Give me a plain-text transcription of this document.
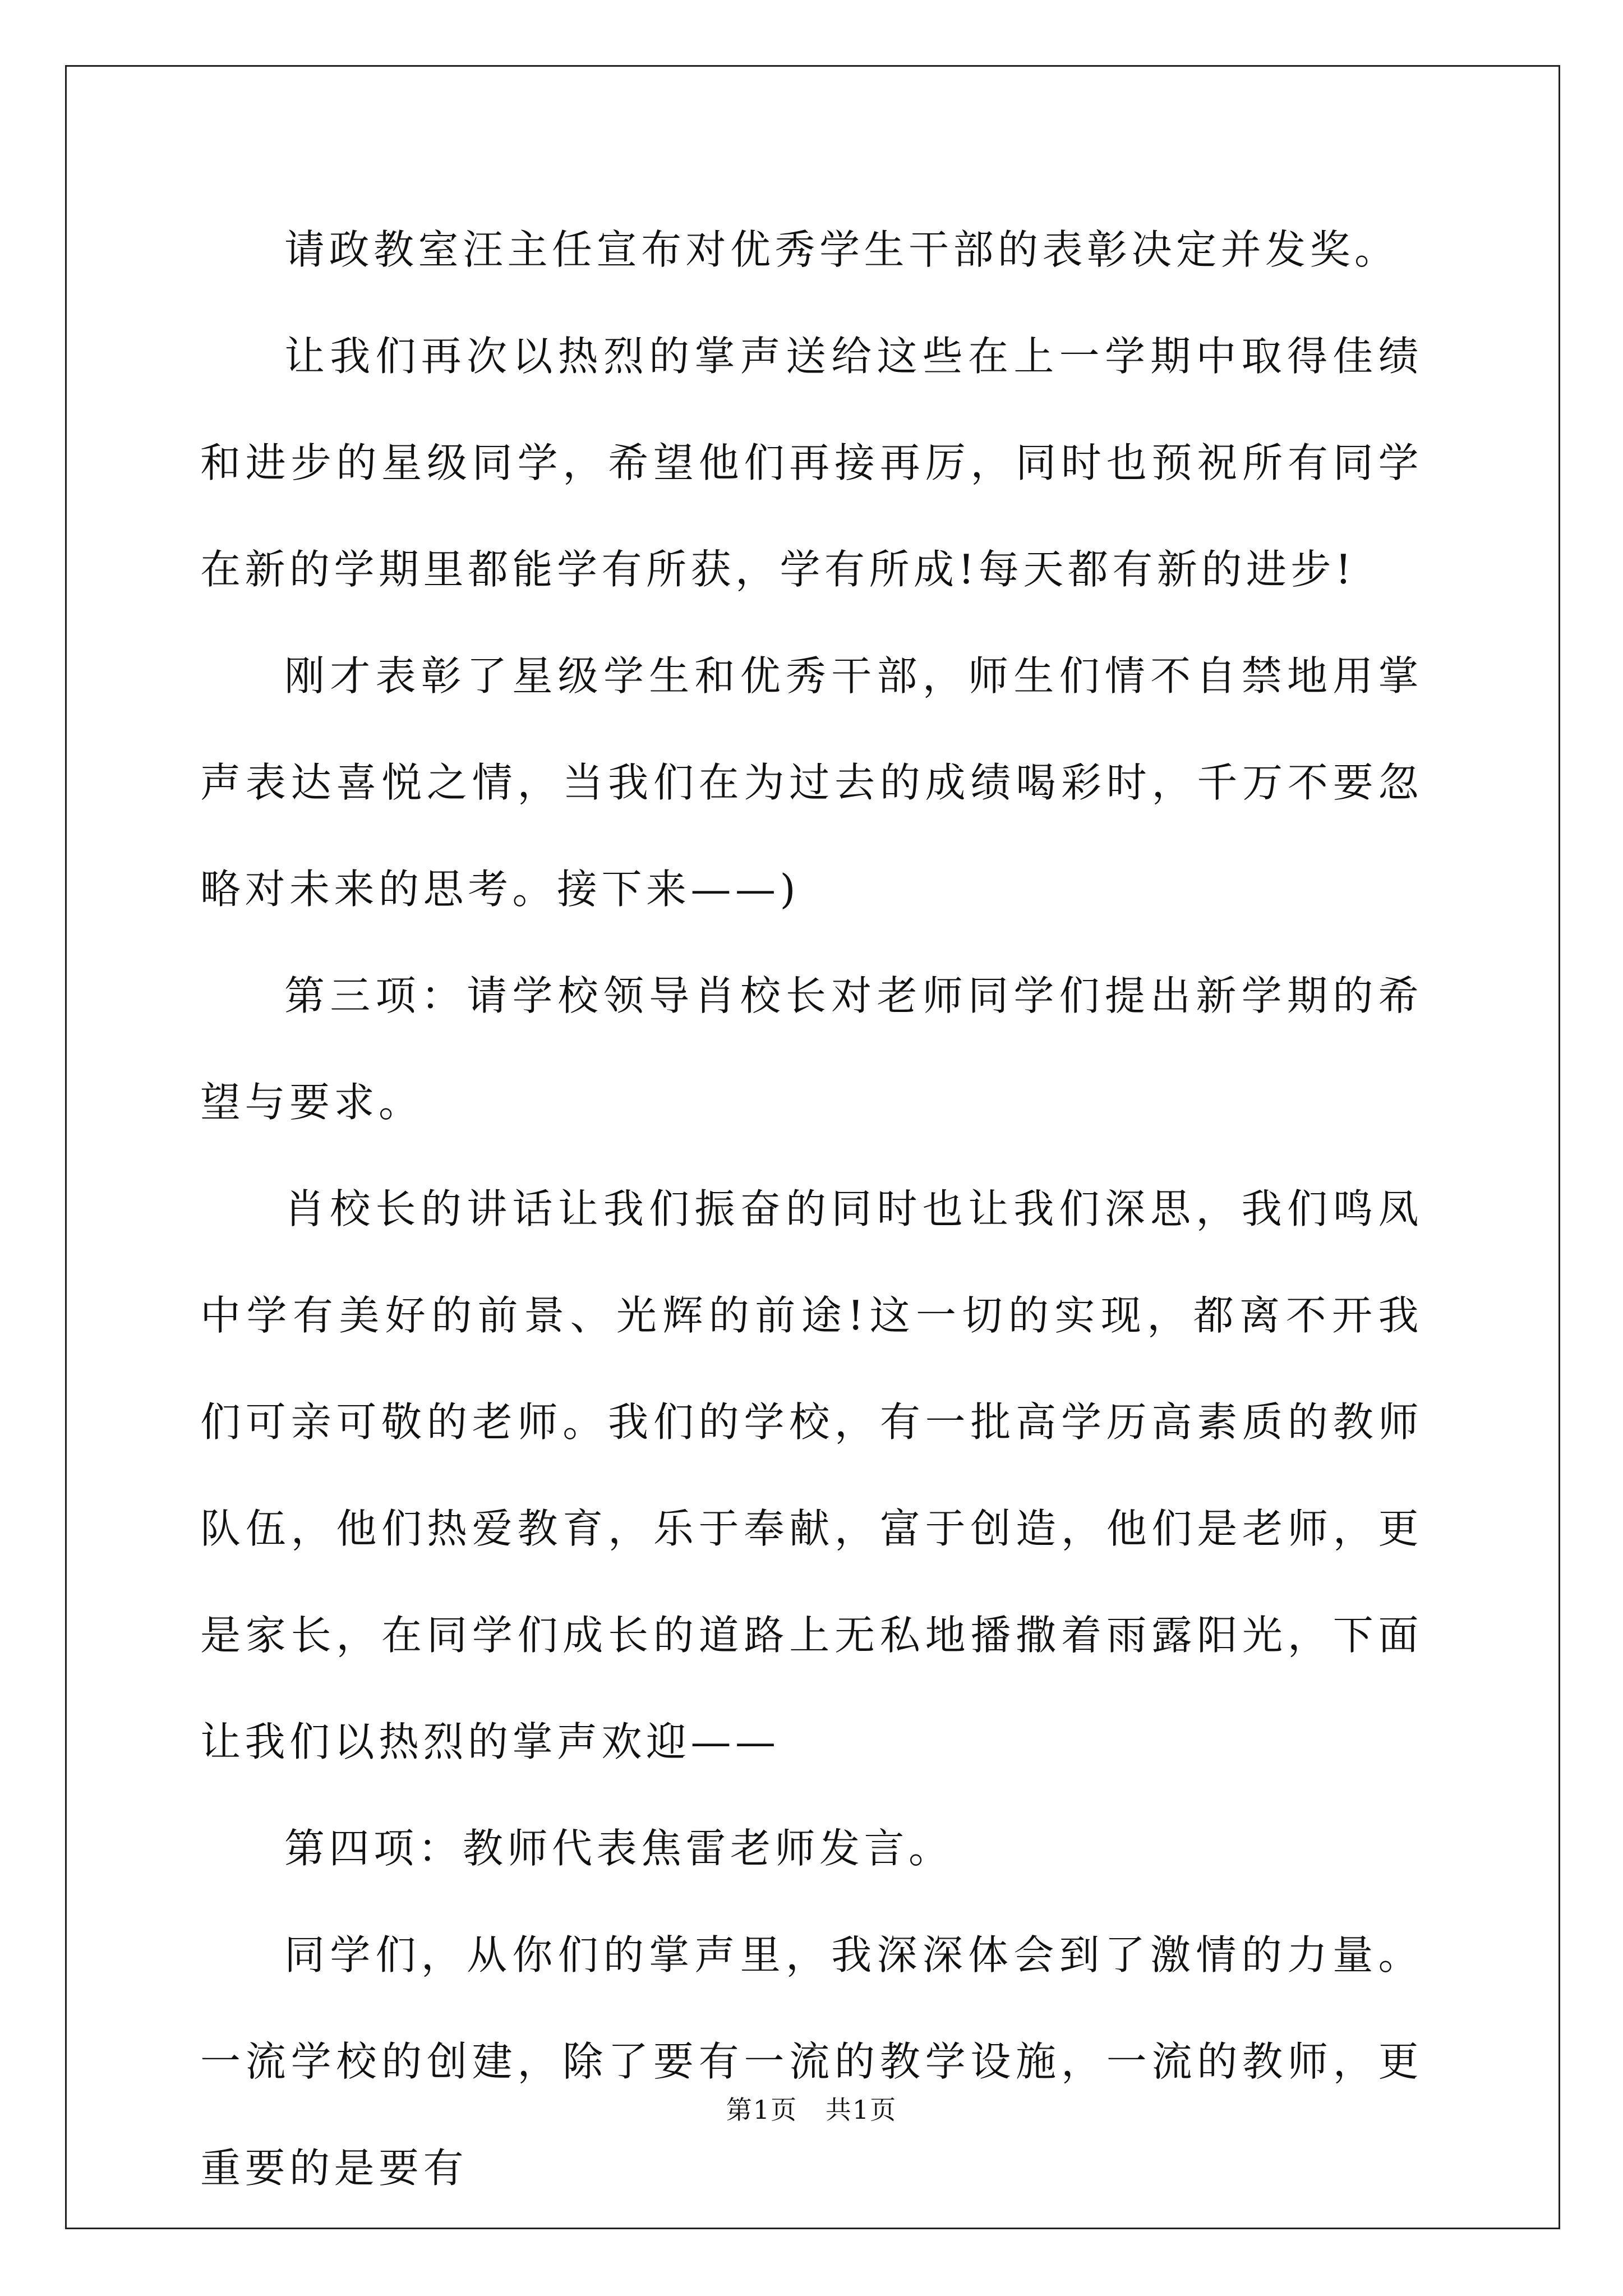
请政教室汪主任宣布对优秀学生干部的表彰决定并发奖。

让我们再次以热烈的掌声送给这些在上一学期中取得佳绩和进步的星级同学，希望他们再接再厉，同时也预祝所有同学在新的学期里都能学有所获，学有所成!每天都有新的进步!

刚才表彰了星级学生和优秀干部，师生们情不自禁地用掌声表达喜悦之情，当我们在为过去的成绩喝彩时，千万不要忽略对未来的思考。接下来——)

第三项：请学校领导肖校长对老师同学们提出新学期的希望与要求。

肖校长的讲话让我们振奋的同时也让我们深思，我们鸣凤中学有美好的前景、光辉的前途!这一切的实现，都离不开我们可亲可敬的老师。我们的学校，有一批高学历高素质的教师队伍，他们热爱教育，乐于奉献，富于创造，他们是老师，更是家长，在同学们成长的道路上无私地播撒着雨露阳光，下面让我们以热烈的掌声欢迎——

第四项：教师代表焦雷老师发言。

同学们，从你们的掌声里，我深深体会到了激情的力量。一流学校的创建，除了要有一流的教学设施，一流的教师，更重要的是要有

第1页   共1页
